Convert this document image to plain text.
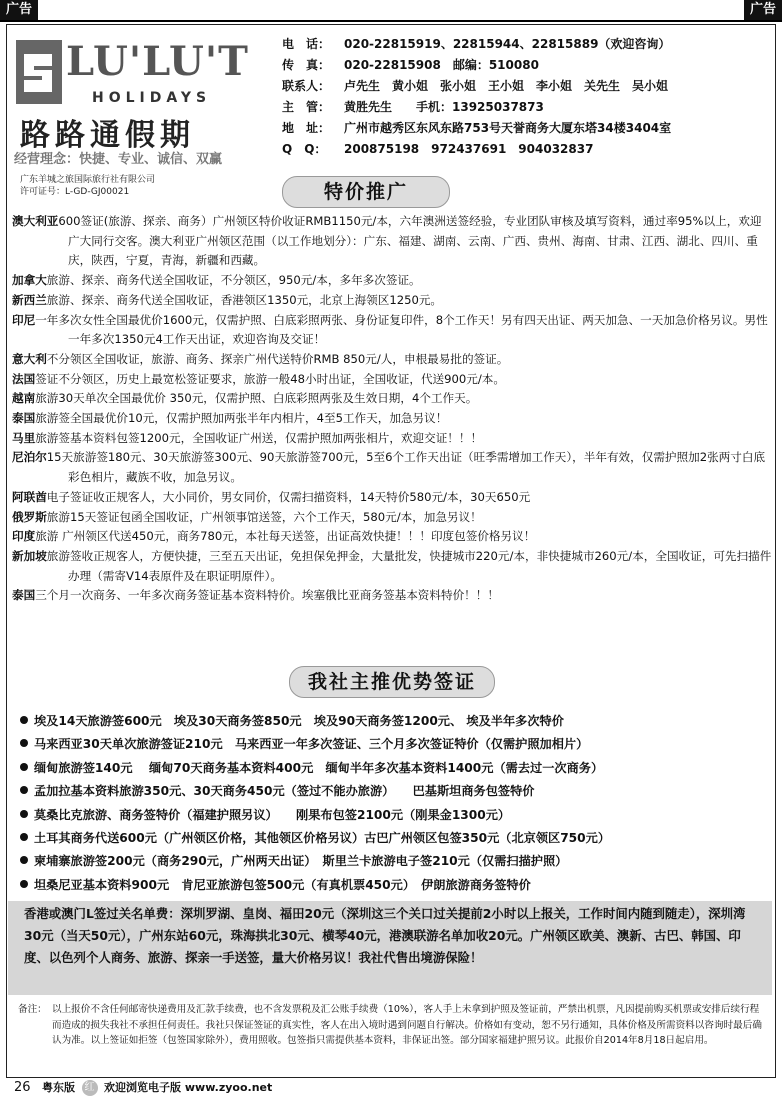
广告	广告
LU'LU'T
HOLIDAYS
路路通假期
经营理念：快捷、专业、诚信、双赢
广东羊城之旅国际旅行社有限公司
许可证号：L-GD-GJ00021
电　话： 020-22815919、22815944、22815889（欢迎咨询）
传　真： 020-22815908　邮编：510080
联系人： 卢先生　黄小姐　张小姐　王小姐　李小姐　关先生　吴小姐
主　管： 黄胜先生　　手机：13925037873
地　址： 广州市越秀区东风东路753号天誉商务大厦东塔34楼3404室
Q　Q： 200875198　972437691　904032837
特价推广

澳大利亚600签证(旅游、探亲、商务）广州领区特价收证RMB1150元/本，六年澳洲送签经验，专业团队审核及填写资料，通过率95%以上，欢迎广大同行交客。澳大利亚广州领区范围（以工作地划分）：广东、福建、湖南、云南、广西、贵州、海南、甘肃、江西、湖北、四川、重庆，陕西，宁夏，青海，新疆和西藏。

加拿大旅游、探亲、商务代送全国收证，不分领区，950元/本，多年多次签证。

新西兰旅游、探亲、商务代送全国收证，香港领区1350元，北京上海领区1250元。

印尼一年多次女性全国最优价1600元，仅需护照、白底彩照两张、身份证复印件，8个工作天！另有四天出证、两天加急、一天加急价格另议。男性一年多次1350元4工作天出证，欢迎咨询及交证！

意大利不分领区全国收证，旅游、商务、探亲广州代送特价RMB 850元/人，申根最易批的签证。

法国签证不分领区，历史上最宽松签证要求，旅游一般48小时出证，全国收证，代送900元/本。

越南旅游30天单次全国最优价 350元，仅需护照、白底彩照两张及生效日期，4个工作天。

泰国旅游签全国最优价10元，仅需护照加两张半年内相片，4至5工作天，加急另议！

马里旅游签基本资料包签1200元，全国收证广州送，仅需护照加两张相片，欢迎交证！！！

尼泊尔15天旅游签180元、30天旅游签300元、90天旅游签700元，5至6个工作天出证（旺季需增加工作天），半年有效，仅需护照加2张两寸白底彩色相片，藏族不收，加急另议。

阿联酋电子签证收正规客人，大小同价，男女同价，仅需扫描资料，14天特价580元/本，30天650元

俄罗斯旅游15天签证包函全国收证，广州领事馆送签，六个工作天，580元/本，加急另议！

印度旅游 广州领区代送450元，商务780元，本社每天送签，出证高效快捷！！！印度包签价格另议！

新加坡旅游签收正规客人，方便快捷，三至五天出证，免担保免押金，大量批发，快捷城市220元/本，非快捷城市260元/本，全国收证，可先扫描件办理（需寄V14表原件及在职证明原件）。

泰国三个月一次商务、一年多次商务签证基本资料特价。埃塞俄比亚商务签基本资料特价！！！

我社主推优势签证
埃及14天旅游签600元　埃及30天商务签850元　埃及90天商务签1200元、 埃及半年多次特价
马来西亚30天单次旅游签证210元　马来西亚一年多次签证、三个月多次签证特价（仅需护照加相片）
缅甸旅游签140元　 缅甸70天商务基本资料400元　缅甸半年多次基本资料1400元（需去过一次商务）
孟加拉基本资料旅游350元、30天商务450元（签过不能办旅游）　　巴基斯坦商务包签特价
莫桑比克旅游、商务签特价（福建护照另议）　　刚果布包签2100元（刚果金1300元）
土耳其商务代送600元（广州领区价格，其他领区价格另议）古巴广州领区包签350元（北京领区750元）
柬埔寨旅游签200元（商务290元，广州两天出证）　斯里兰卡旅游电子签210元（仅需扫描护照）
坦桑尼亚基本资料900元　肯尼亚旅游包签500元（有真机票450元）　伊朗旅游商务签特价
香港或澳门L签过关名单费：深圳罗湖、皇岗、福田20元（深圳这三个关口过关提前2小时以上报关，工作时间内随到随走），深圳湾30元（当天50元），广州东站60元，珠海拱北30元、横琴40元，港澳联游名单加收20元。广州领区欧美、澳新、古巴、韩国、印度、以色列个人商务、旅游、探亲一手送签，量大价格另议！我社代售出境游保险！
备注： 以上报价不含任何邮寄快递费用及汇款手续费，也不含发票税及汇公账手续费（10%），客人手上未拿到护照及签证前，严禁出机票，凡因提前购买机票或安排后续行程而造成的损失我社不承担任何责任。我社只保证签证的真实性，客人在出入境时遇到问题自行解决。价格如有变动，恕不另行通知，具体价格及所需资料以咨询时最后确认为准。以上签证如拒签（包签国家除外），费用照收。包签指只需提供基本资料，非保证出签。部分国家福建护照另议。此报价自2014年8月18日起启用。
26 粤东版 红 欢迎浏览电子版 www.zyoo.net
